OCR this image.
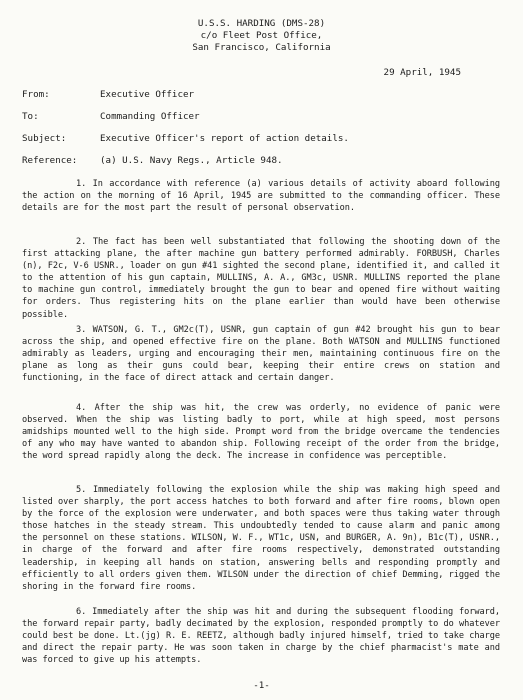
U.S.S. HARDING (DMS-28)
c/o Fleet Post Office,
San Francisco, California
29 April, 1945
From:	Executive Officer
To:	Commanding Officer
Subject:	Executive Officer's report of action details.
Reference: (a) U.S. Navy Regs., Article 948.
1. In accordance with reference (a) various details of activity aboard following the action on the morning of 16 April, 1945 are submitted to the commanding officer. These details are for the most part the result of personal observation.
2. The fact has been well substantiated that following the shooting down of the first attacking plane, the after machine gun battery performed admirably. FORBUSH, Charles (n), F2c, V-6 USNR., loader on gun #41 sighted the second plane, identified it, and called it to the attention of his gun captain, MULLINS, A. A., GM3c, USNR. MULLINS reported the plane to machine gun control, immediately brought the gun to bear and opened fire without waiting for orders. Thus registering hits on the plane earlier than would have been otherwise possible.
3. WATSON, G. T., GM2c(T), USNR, gun captain of gun #42 brought his gun to bear across the ship, and opened effective fire on the plane. Both WATSON and MULLINS functioned admirably as leaders, urging and encouraging their men, maintaining continuous fire on the plane as long as their guns could bear, keeping their entire crews on station and functioning, in the face of direct attack and certain danger.
4. After the ship was hit, the crew was orderly, no evidence of panic were observed. When the ship was listing badly to port, while at high speed, most persons amidships mounted well to the high side. Prompt word from the bridge overcame the tendencies of any who may have wanted to abandon ship. Following receipt of the order from the bridge, the word spread rapidly along the deck. The increase in confidence was perceptible.
5. Immediately following the explosion while the ship was making high speed and listed over sharply, the port access hatches to both forward and after fire rooms, blown open by the force of the explosion were underwater, and both spaces were thus taking water through those hatches in the steady stream. This undoubtedly tended to cause alarm and panic among the personnel on these stations. WILSON, W. F., WT1c, USN, and BURGER, A. 9n), B1c(T), USNR., in charge of the forward and after fire rooms respectively, demonstrated outstanding leadership, in keeping all hands on station, answering bells and responding promptly and efficiently to all orders given them. WILSON under the direction of chief Demming, rigged the shoring in the forward fire rooms.
6. Immediately after the ship was hit and during the subsequent flooding forward, the forward repair party, badly decimated by the explosion, responded promptly to do whatever could best be done. Lt.(jg) R. E. REETZ, although badly injured himself, tried to take charge and direct the repair party. He was soon taken in charge by the chief pharmacist's mate and was forced to give up his attempts.
-1-
